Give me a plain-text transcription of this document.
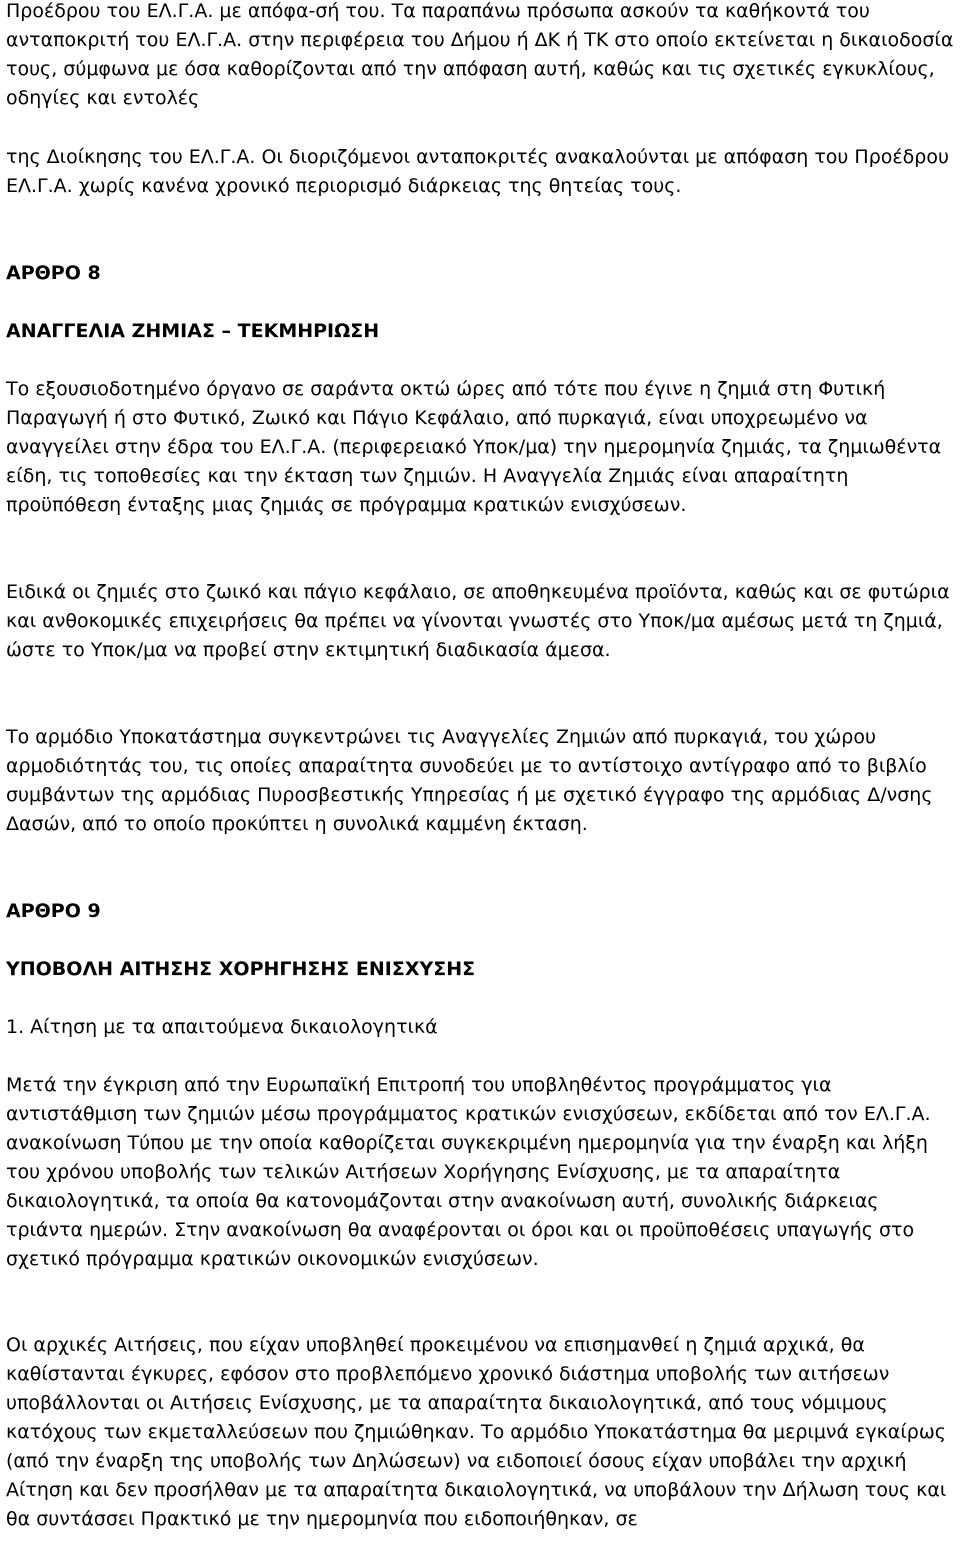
Προέδρου του ΕΛ.Γ.Α. με απόφα-σή του. Τα παραπάνω πρόσωπα ασκούν τα καθήκοντά του ανταποκριτή του ΕΛ.Γ.Α. στην περιφέρεια του Δήμου ή ΔΚ ή ΤΚ στο οποίο εκτείνεται η δικαιοδοσία τους, σύμφωνα με όσα καθορίζονται από την απόφαση αυτή, καθώς και τις σχετικές εγκυκλίους, οδηγίες και εντολές

της Διοίκησης του ΕΛ.Γ.Α. Οι διοριζόμενοι ανταποκριτές ανακαλούνται με απόφαση του Προέδρου ΕΛ.Γ.Α. χωρίς κανένα χρονικό περιορισμό διάρκειας της θητείας τους.

ΑΡΘΡΟ 8

ΑΝΑΓΓΕΛΙΑ ΖΗΜΙΑΣ – ΤΕΚΜΗΡΙΩΣΗ

Το εξουσιοδοτημένο όργανο σε σαράντα οκτώ ώρες από τότε που έγινε η ζημιά στη Φυτική Παραγωγή ή στο Φυτικό, Ζωικό και Πάγιο Κεφάλαιο, από πυρκαγιά, είναι υποχρεωμένο να αναγγείλει στην έδρα του ΕΛ.Γ.Α. (περιφερειακό Υποκ/μα) την ημερομηνία ζημιάς, τα ζημιωθέντα είδη, τις τοποθεσίες και την έκταση των ζημιών. Η Αναγγελία Ζημιάς είναι απαραίτητη προϋπόθεση ένταξης μιας ζημιάς σε πρόγραμμα κρατικών ενισχύσεων.

Ειδικά οι ζημιές στο ζωικό και πάγιο κεφάλαιο, σε αποθηκευμένα προϊόντα, καθώς και σε φυτώρια και ανθοκομικές επιχειρήσεις θα πρέπει να γίνονται γνωστές στο Υποκ/μα αμέσως μετά τη ζημιά, ώστε το Υποκ/μα να προβεί στην εκτιμητική διαδικασία άμεσα.

Το αρμόδιο Υποκατάστημα συγκεντρώνει τις Αναγγελίες Ζημιών από πυρκαγιά, του χώρου αρμοδιότητάς του, τις οποίες απαραίτητα συνοδεύει με το αντίστοιχο αντίγραφο από το βιβλίο συμβάντων της αρμόδιας Πυροσβεστικής Υπηρεσίας ή με σχετικό έγγραφο της αρμόδιας Δ/νσης Δασών, από το οποίο προκύπτει η συνολικά καμμένη έκταση.

ΑΡΘΡΟ 9

ΥΠΟΒΟΛΗ ΑΙΤΗΣΗΣ ΧΟΡΗΓΗΣΗΣ ΕΝΙΣΧΥΣΗΣ

1. Αίτηση με τα απαιτούμενα δικαιολογητικά

Μετά την έγκριση από την Ευρωπαϊκή Επιτροπή του υποβληθέντος προγράμματος για αντιστάθμιση των ζημιών μέσω προγράμματος κρατικών ενισχύσεων, εκδίδεται από τον ΕΛ.Γ.Α. ανακοίνωση Τύπου με την οποία καθορίζεται συγκεκριμένη ημερομηνία για την έναρξη και λήξη του χρόνου υποβολής των τελικών Αιτήσεων Χορήγησης Ενίσχυσης, με τα απαραίτητα δικαιολογητικά, τα οποία θα κατονομάζονται στην ανακοίνωση αυτή, συνολικής διάρκειας τριάντα ημερών. Στην ανακοίνωση θα αναφέρονται οι όροι και οι προϋποθέσεις υπαγωγής στο σχετικό πρόγραμμα κρατικών οικονομικών ενισχύσεων.

Οι αρχικές Αιτήσεις, που είχαν υποβληθεί προκειμένου να επισημανθεί η ζημιά αρχικά, θα καθίστανται έγκυρες, εφόσον στο προβλεπόμενο χρονικό διάστημα υποβολής των αιτήσεων υποβάλλονται οι Αιτήσεις Ενίσχυσης, με τα απαραίτητα δικαιολογητικά, από τους νόμιμους κατόχους των εκμεταλλεύσεων που ζημιώθηκαν. Το αρμόδιο Υποκατάστημα θα μεριμνά εγκαίρως (από την έναρξη της υποβολής των Δηλώσεων) να ειδοποιεί όσους είχαν υποβάλει την αρχική Αίτηση και δεν προσήλθαν με τα απαραίτητα δικαιολογητικά, να υποβάλουν την Δήλωση τους και θα συντάσσει Πρακτικό με την ημερομηνία που ειδοποιήθηκαν, σε
